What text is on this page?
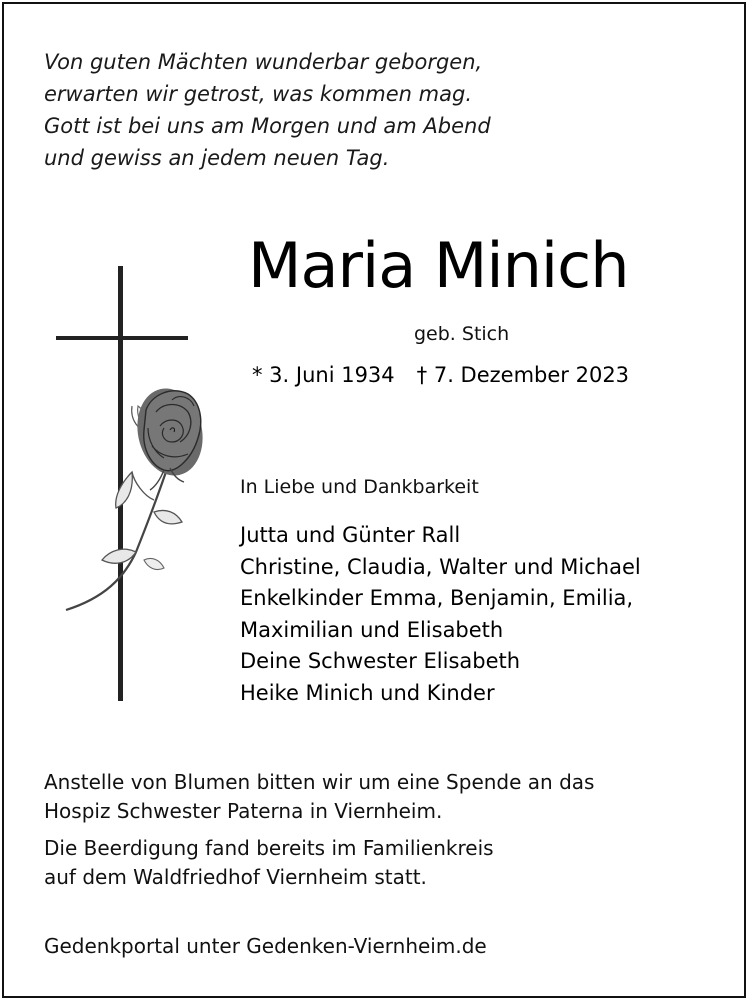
Von guten Mächten wunderbar geborgen,
erwarten wir getrost, was kommen mag.
Gott ist bei uns am Morgen und am Abend
und gewiss an jedem neuen Tag.
Maria Minich
geb. Stich
* 3. Juni 1934 † 7. Dezember 2023
In Liebe und Dankbarkeit
Jutta und Günter Rall
Christine, Claudia, Walter und Michael
Enkelkinder Emma, Benjamin, Emilia,
Maximilian und Elisabeth
Deine Schwester Elisabeth
Heike Minich und Kinder
Anstelle von Blumen bitten wir um eine Spende an das
Hospiz Schwester Paterna in Viernheim.
Die Beerdigung fand bereits im Familienkreis
auf dem Waldfriedhof Viernheim statt.
Gedenkportal unter Gedenken-Viernheim.de
